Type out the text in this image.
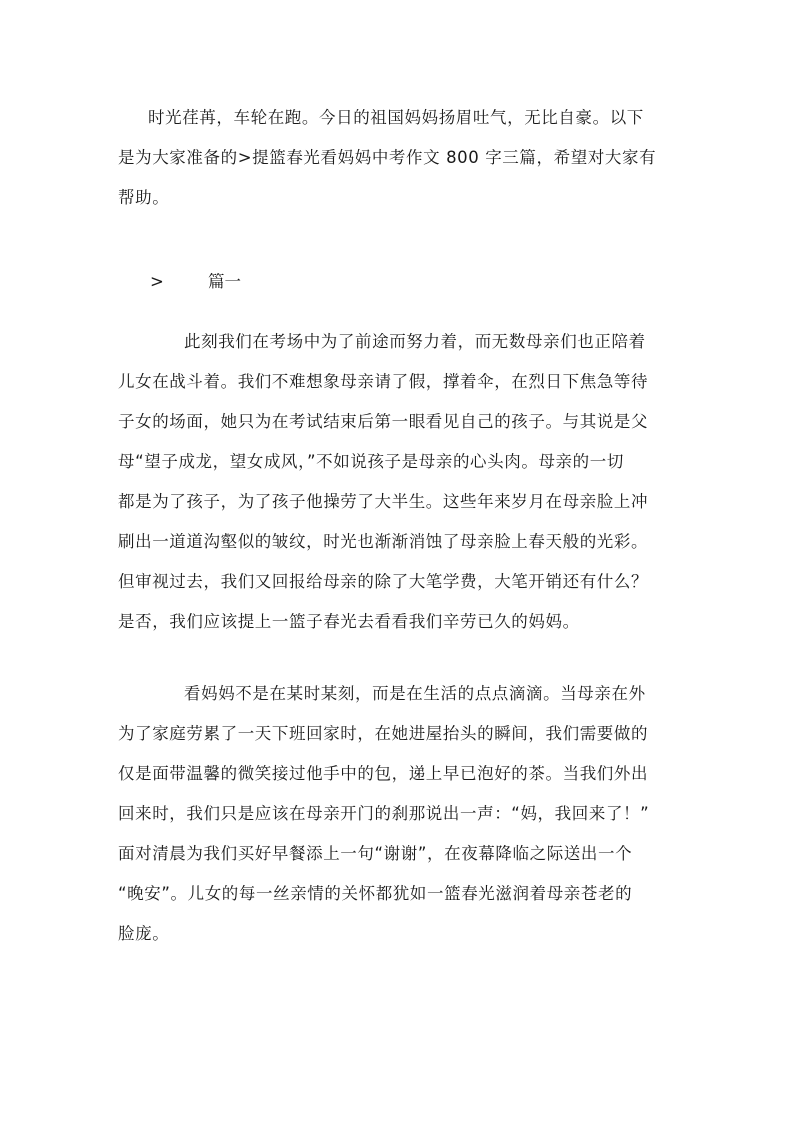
时光荏苒，车轮在跑。今日的祖国妈妈扬眉吐气，无比自豪。以下
是为大家准备的>提篮春光看妈妈中考作文 800 字三篇，希望对大家有
帮助。
>	篇一
此刻我们在考场中为了前途而努力着，而无数母亲们也正陪着
儿女在战斗着。我们不难想象母亲请了假，撑着伞，在烈日下焦急等待
子女的场面，她只为在考试结束后第一眼看见自己的孩子。与其说是父
母“望子成龙，望女成风，”不如说孩子是母亲的心头肉。母亲的一切
都是为了孩子，为了孩子他操劳了大半生。这些年来岁月在母亲脸上冲
刷出一道道沟壑似的皱纹，时光也渐渐消蚀了母亲脸上春天般的光彩。
但审视过去，我们又回报给母亲的除了大笔学费，大笔开销还有什么？
是否，我们应该提上一篮子春光去看看我们辛劳已久的妈妈。
看妈妈不是在某时某刻，而是在生活的点点滴滴。当母亲在外
为了家庭劳累了一天下班回家时，在她进屋抬头的瞬间，我们需要做的
仅是面带温馨的微笑接过他手中的包，递上早已泡好的茶。当我们外出
回来时，我们只是应该在母亲开门的刹那说出一声：“妈，我回来了！”
面对清晨为我们买好早餐添上一句“谢谢”，在夜幕降临之际送出一个
“晚安”。儿女的每一丝亲情的关怀都犹如一篮春光滋润着母亲苍老的
脸庞。
